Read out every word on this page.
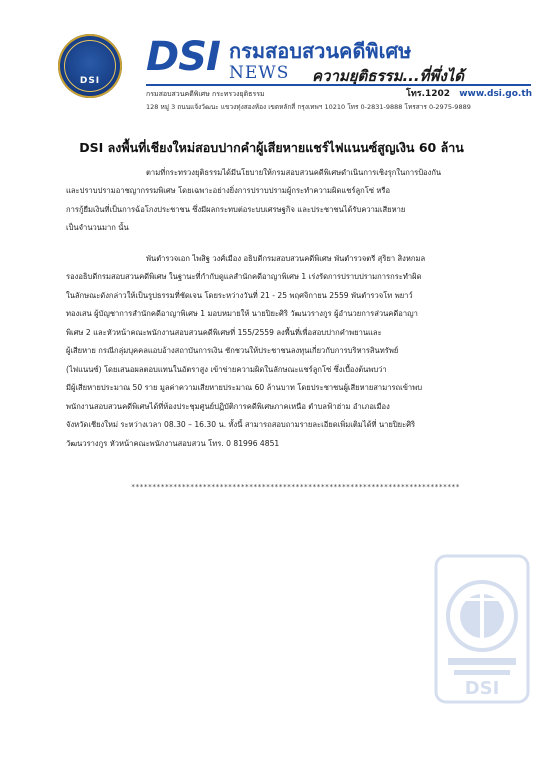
DSI
DSI กรมสอบสวนคดีพิเศษ
NEWS ความยุติธรรม...ที่พึ่งได้
โทร.1202 www.dsi.go.th
กรมสอบสวนคดีพิเศษ กระทรวงยุติธรรม
128 หมู่ 3 ถนนแจ้งวัฒนะ แขวงทุ่งสองห้อง เขตหลักสี่ กรุงเทพฯ 10210 โทร 0-2831-9888 โทรสาร 0-2975-9889
DSI ลงพื้นที่เชียงใหม่สอบปากคำผู้เสียหายแชร์ไฟแนนซ์สูญเงิน 60 ล้าน
ตามที่กระทรวงยุติธรรมได้มีนโยบายให้กรมสอบสวนคดีพิเศษดำเนินการเชิงรุกในการป้องกัน
และปราบปรามอาชญากรรมพิเศษ โดยเฉพาะอย่างยิ่งการปราบปรามผู้กระทำความผิดแชร์ลูกโซ่ หรือ
การกู้ยืมเงินที่เป็นการฉ้อโกงประชาชน ซึ่งมีผลกระทบต่อระบบเศรษฐกิจ และประชาชนได้รับความเสียหาย
เป็นจำนวนมาก นั้น
พันตำรวจเอก ไพสิฐ วงศ์เมือง อธิบดีกรมสอบสวนคดีพิเศษ พันตำรวจตรี สุริยา สิงหกมล
รองอธิบดีกรมสอบสวนคดีพิเศษ ในฐานะที่กำกับดูแลสำนักคดีอาญาพิเศษ 1 เร่งรัดการปราบปรามการกระทำผิด
ในลักษณะดังกล่าวให้เป็นรูปธรรมที่ชัดเจน โดยระหว่างวันที่ 21 - 25 พฤศจิกายน 2559 พันตำรวจโท พยาว์
ทองเสน ผู้บัญชาการสำนักคดีอาญาพิเศษ 1 มอบหมายให้ นายปิยะศิริ วัฒนวรางกูร ผู้อำนวยการส่วนคดีอาญา
พิเศษ 2 และหัวหน้าคณะพนักงานสอบสวนคดีพิเศษที่ 155/2559 ลงพื้นที่เพื่อสอบปากคำพยานและ
ผู้เสียหาย กรณีกลุ่มบุคคลแอบอ้างสถาบันการเงิน ชักชวนให้ประชาชนลงทุนเกี่ยวกับการบริหารสินทรัพย์
(ไฟแนนซ์) โดยเสนอผลตอบแทนในอัตราสูง เข้าข่ายความผิดในลักษณะแชร์ลูกโซ่ ซึ่งเบื้องต้นพบว่า
มีผู้เสียหายประมาณ 50 ราย มูลค่าความเสียหายประมาณ 60 ล้านบาท โดยประชาชนผู้เสียหายสามารถเข้าพบ
พนักงานสอบสวนคดีพิเศษได้ที่ห้องประชุมศูนย์ปฏิบัติการคดีพิเศษภาคเหนือ ตำบลฟ้าฮ่าม อำเภอเมือง
จังหวัดเชียงใหม่ ระหว่างเวลา 08.30 – 16.30 น. ทั้งนี้ สามารถสอบถามรายละเอียดเพิ่มเติมได้ที่ นายปิยะศิริ
วัฒนวรางกูร หัวหน้าคณะพนักงานสอบสวน โทร. 0 81996 4851
******************************************************************************
DSI
